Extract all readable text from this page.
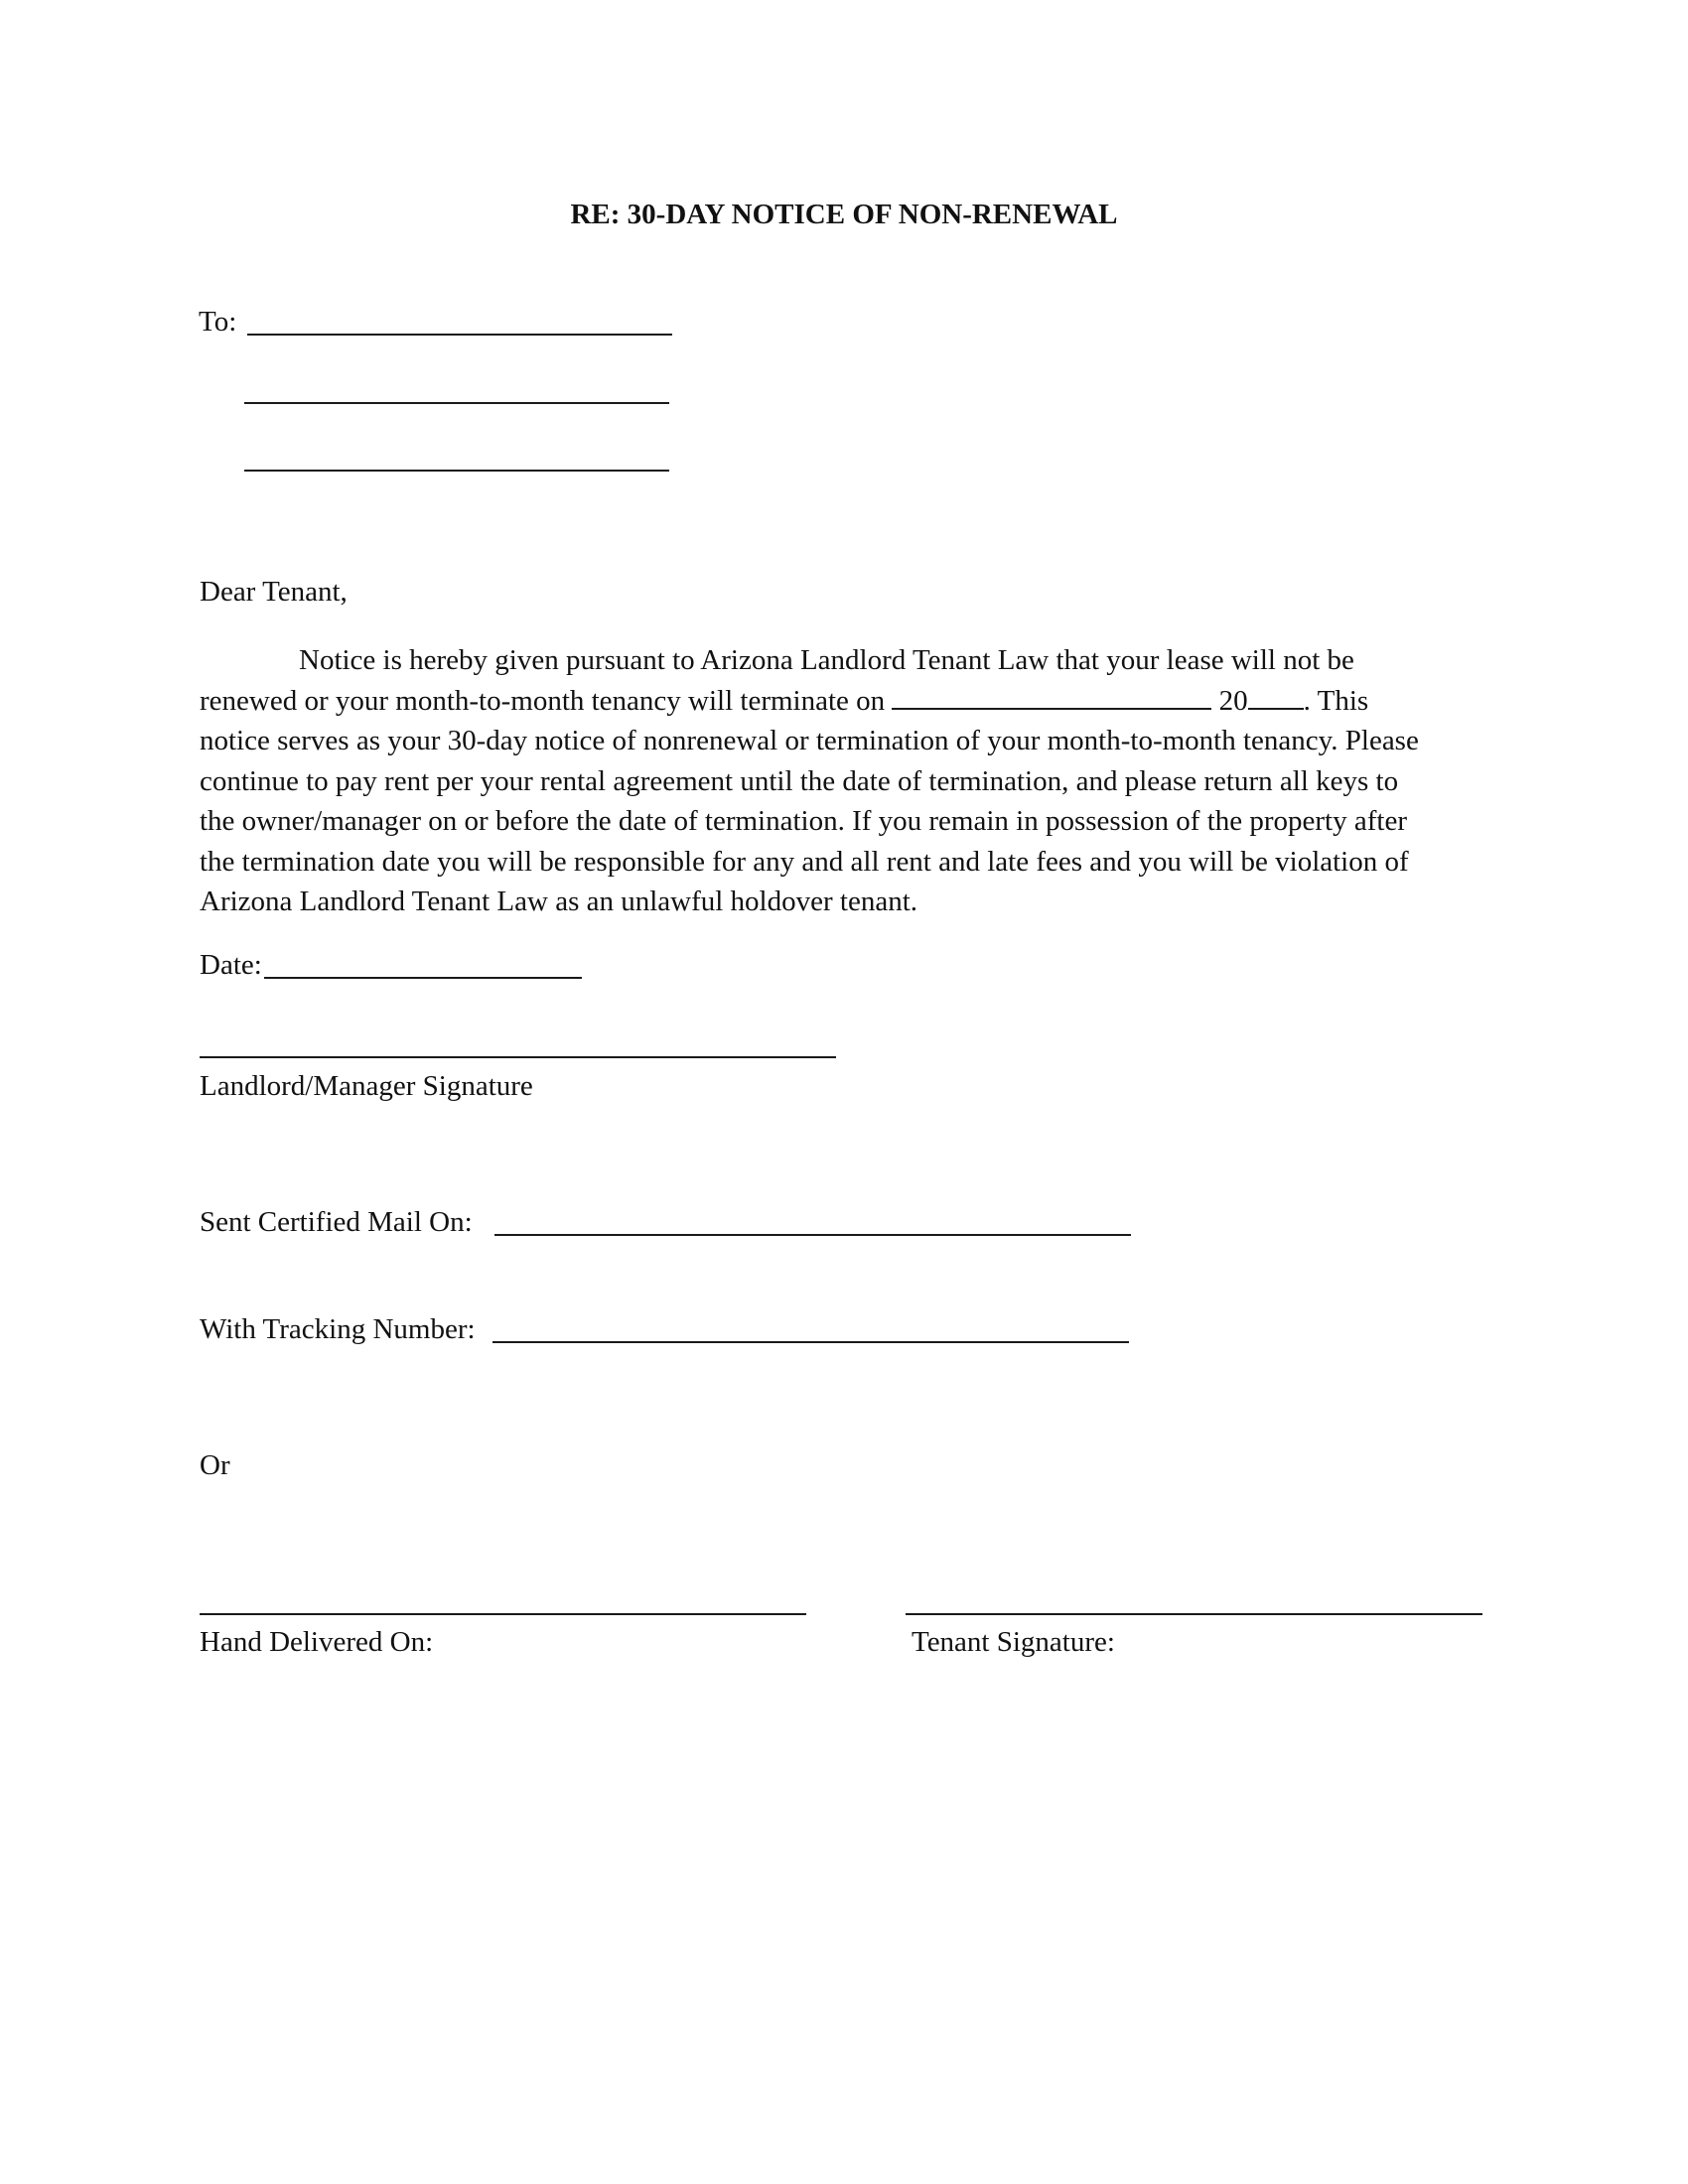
RE: 30-DAY NOTICE OF NON-RENEWAL
To:
Dear Tenant,
Notice is hereby given pursuant to Arizona Landlord Tenant Law that your lease will not be
renewed or your month-to-month tenancy will terminate on	20 . This
notice serves as your 30-day notice of nonrenewal or termination of your month-to-month tenancy. Please
continue to pay rent per your rental agreement until the date of termination, and please return all keys to
the owner/manager on or before the date of termination. If you remain in possession of the property after
the termination date you will be responsible for any and all rent and late fees and you will be violation of
Arizona Landlord Tenant Law as an unlawful holdover tenant.
Date:
Landlord/Manager Signature
Sent Certified Mail On:
With Tracking Number:
Or
Hand Delivered On:	Tenant Signature:
